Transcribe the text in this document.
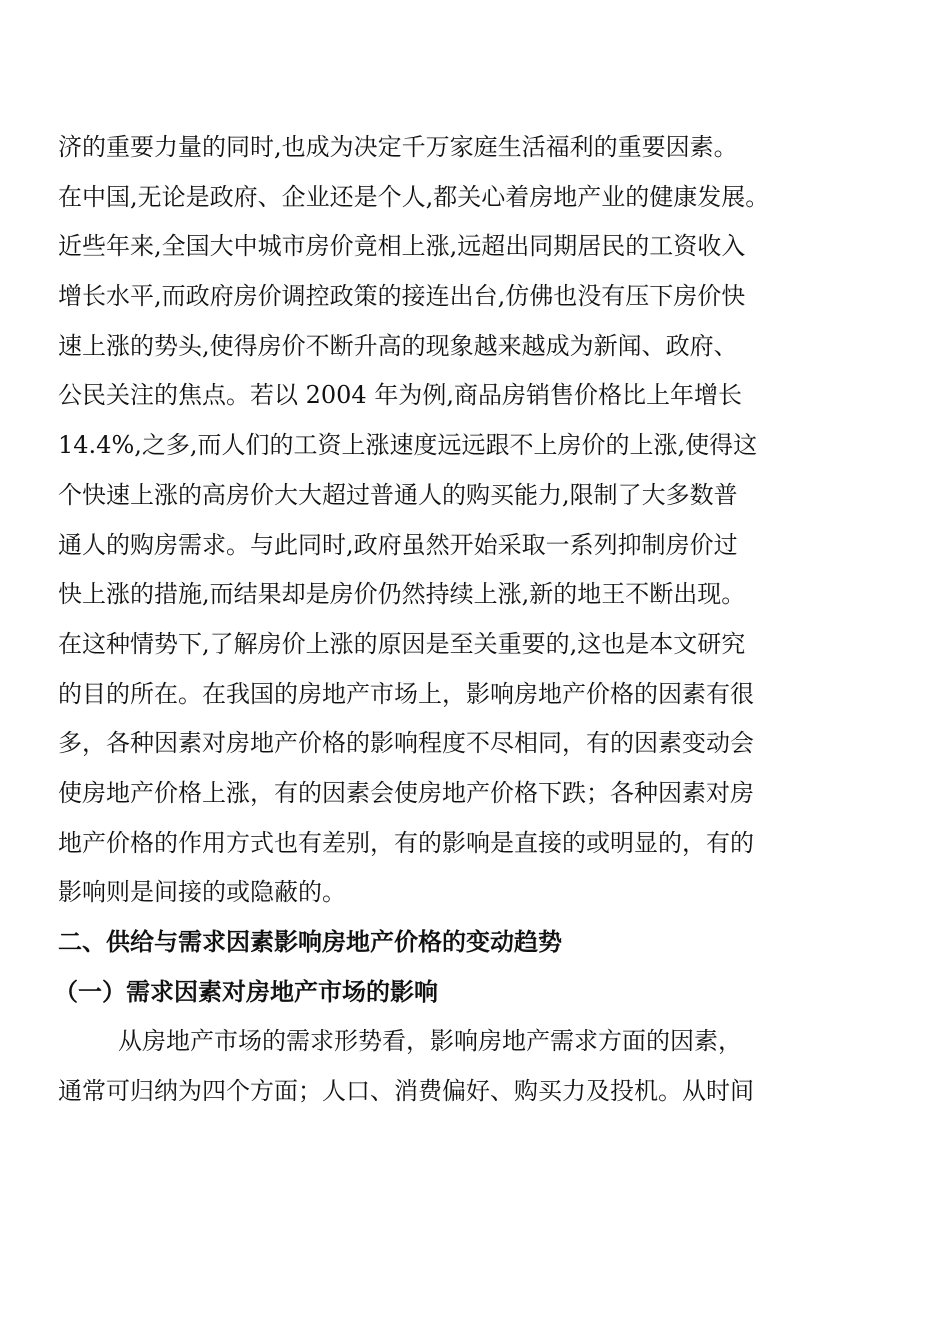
济的重要力量的同时,也成为决定千万家庭生活福利的重要因素。
在中国,无论是政府、企业还是个人,都关心着房地产业的健康发展。
近些年来,全国大中城市房价竟相上涨,远超出同期居民的工资收入
增长水平,而政府房价调控政策的接连出台,仿佛也没有压下房价快
速上涨的势头,使得房价不断升高的现象越来越成为新闻、政府、
公民关注的焦点。若以 2004 年为例,商品房销售价格比上年增长
14.4%,之多,而人们的工资上涨速度远远跟不上房价的上涨,使得这
个快速上涨的高房价大大超过普通人的购买能力,限制了大多数普
通人的购房需求。与此同时,政府虽然开始采取一系列抑制房价过
快上涨的措施,而结果却是房价仍然持续上涨,新的地王不断出现。
在这种情势下,了解房价上涨的原因是至关重要的,这也是本文研究
的目的所在。在我国的房地产市场上，影响房地产价格的因素有很
多，各种因素对房地产价格的影响程度不尽相同，有的因素变动会
使房地产价格上涨，有的因素会使房地产价格下跌；各种因素对房
地产价格的作用方式也有差别，有的影响是直接的或明显的，有的
影响则是间接的或隐蔽的。
二、供给与需求因素影响房地产价格的变动趋势
（一）需求因素对房地产市场的影响
从房地产市场的需求形势看，影响房地产需求方面的因素，
通常可归纳为四个方面；人口、消费偏好、购买力及投机。从时间
